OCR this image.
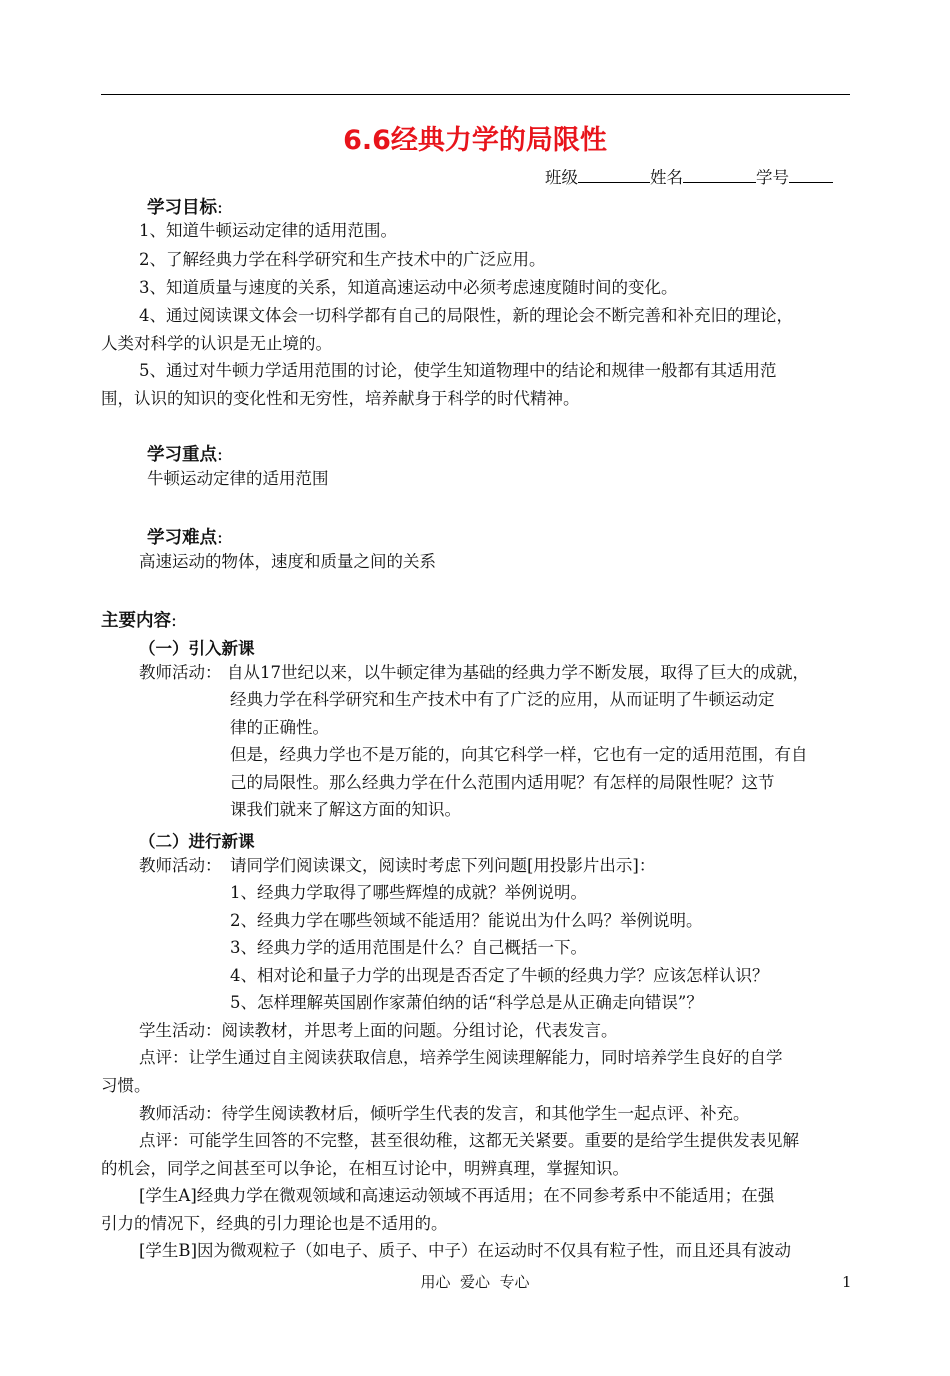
6.6经典力学的局限性
班级	姓名	学号
学习目标:
1、知道牛顿运动定律的适用范围。
2、了解经典力学在科学研究和生产技术中的广泛应用。
3、知道质量与速度的关系，知道高速运动中必须考虑速度随时间的变化。
4、通过阅读课文体会一切科学都有自己的局限性，新的理论会不断完善和补充旧的理论，
人类对科学的认识是无止境的。
5、通过对牛顿力学适用范围的讨论，使学生知道物理中的结论和规律一般都有其适用范
围，认识的知识的变化性和无穷性，培养献身于科学的时代精神。
学习重点:
牛顿运动定律的适用范围
学习难点:
高速运动的物体，速度和质量之间的关系
主要内容:
（一）引入新课
教师活动： 自从17世纪以来，以牛顿定律为基础的经典力学不断发展，取得了巨大的成就，
经典力学在科学研究和生产技术中有了广泛的应用，从而证明了牛顿运动定
律的正确性。
但是，经典力学也不是万能的，向其它科学一样，它也有一定的适用范围，有自
己的局限性。那么经典力学在什么范围内适用呢？有怎样的局限性呢？这节
课我们就来了解这方面的知识。
（二）进行新课
教师活动： 请同学们阅读课文，阅读时考虑下列问题[用投影片出示]：
1、经典力学取得了哪些辉煌的成就？举例说明。
2、经典力学在哪些领域不能适用？能说出为什么吗？举例说明。
3、经典力学的适用范围是什么？自己概括一下。
4、相对论和量子力学的出现是否否定了牛顿的经典力学？应该怎样认识？
5、怎样理解英国剧作家萧伯纳的话“科学总是从正确走向错误”？
学生活动：阅读教材，并思考上面的问题。分组讨论，代表发言。
点评：让学生通过自主阅读获取信息，培养学生阅读理解能力，同时培养学生良好的自学
习惯。
教师活动：待学生阅读教材后，倾听学生代表的发言，和其他学生一起点评、补充。
点评：可能学生回答的不完整，甚至很幼稚，这都无关紧要。重要的是给学生提供发表见解
的机会，同学之间甚至可以争论，在相互讨论中，明辨真理，掌握知识。
[学生A]经典力学在微观领域和高速运动领域不再适用；在不同参考系中不能适用；在强
引力的情况下，经典的引力理论也是不适用的。
[学生B]因为微观粒子（如电子、质子、中子）在运动时不仅具有粒子性，而且还具有波动
用心  爱心  专心	1
